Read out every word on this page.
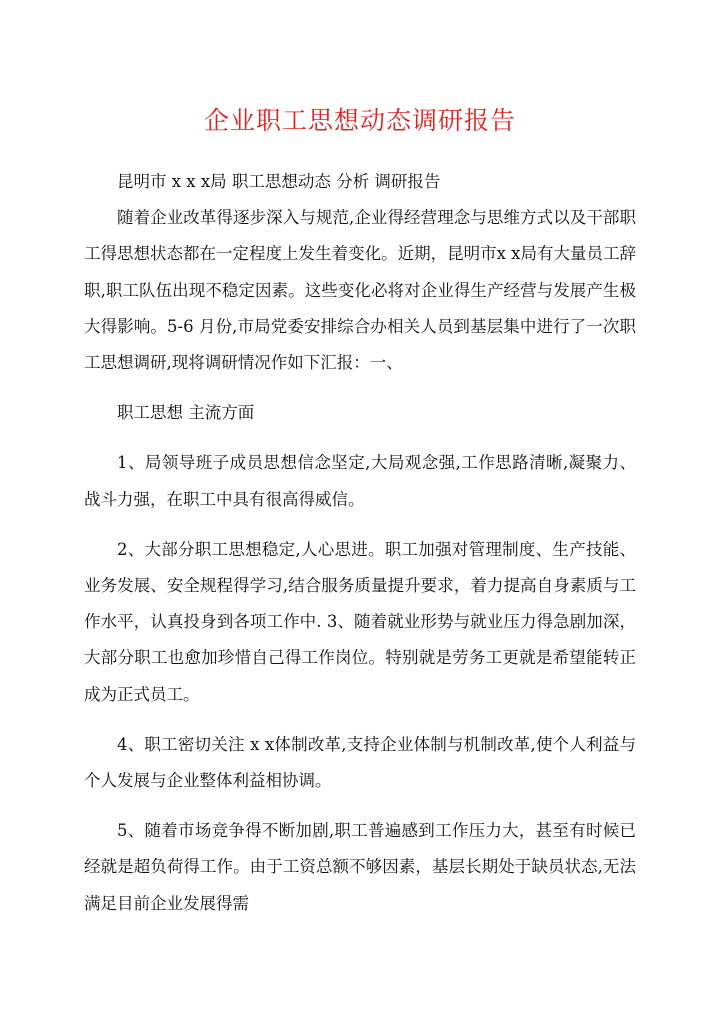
企业职工思想动态调研报告

昆明市 x x x局 职工思想动态 分析 调研报告

随着企业改革得逐步深入与规范,企业得经营理念与思维方式以及干部职工得思想状态都在一定程度上发生着变化。近期，昆明市x x局有大量员工辞职,职工队伍出现不稳定因素。这些变化必将对企业得生产经营与发展产生极大得影响。5-6 月份,市局党委安排综合办相关人员到基层集中进行了一次职工思想调研,现将调研情况作如下汇报：一、

职工思想 主流方面

1、局领导班子成员思想信念坚定,大局观念强,工作思路清晰,凝聚力、战斗力强，在职工中具有很高得威信。

2、大部分职工思想稳定,人心思进。职工加强对管理制度、生产技能、业务发展、安全规程得学习,结合服务质量提升要求，着力提高自身素质与工作水平，认真投身到各项工作中. 3、随着就业形势与就业压力得急剧加深，大部分职工也愈加珍惜自己得工作岗位。特别就是劳务工更就是希望能转正成为正式员工。

4、职工密切关注 x x体制改革,支持企业体制与机制改革,使个人利益与个人发展与企业整体利益相协调。

5、随着市场竞争得不断加剧,职工普遍感到工作压力大，甚至有时候已经就是超负荷得工作。由于工资总额不够因素，基层长期处于缺员状态,无法满足目前企业发展得需
